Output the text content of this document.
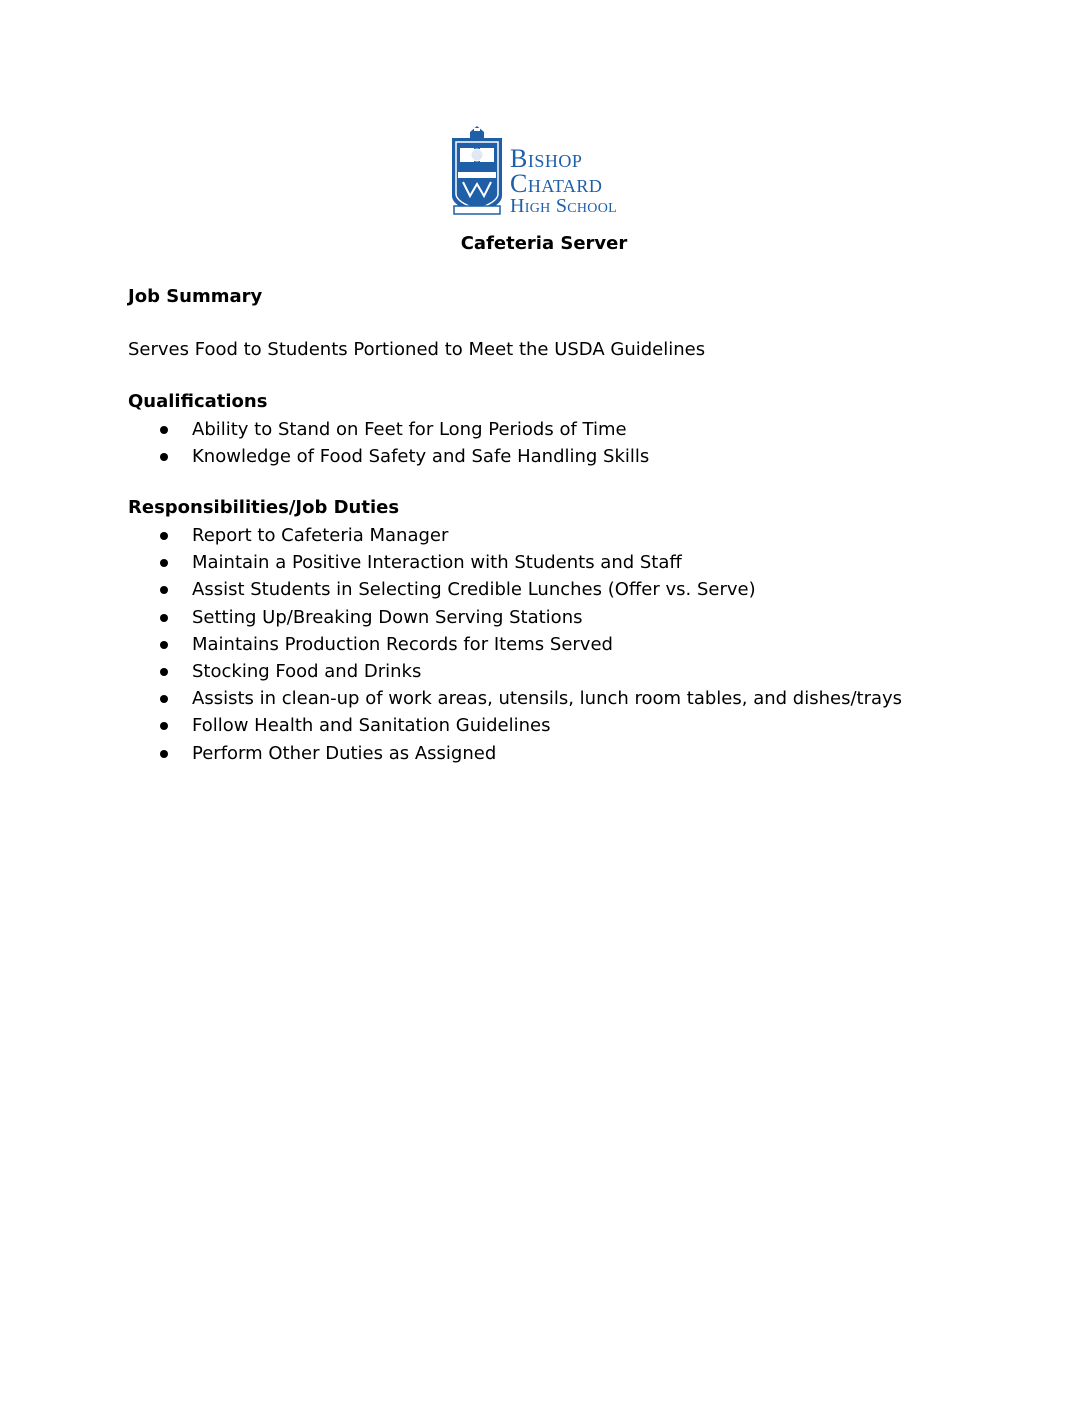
Bishop
Chatard
High School
Cafeteria Server
Job Summary
Serves Food to Students Portioned to Meet the USDA Guidelines
Qualifications
Ability to Stand on Feet for Long Periods of Time
Knowledge of Food Safety and Safe Handling Skills
Responsibilities/Job Duties
Report to Cafeteria Manager
Maintain a Positive Interaction with Students and Staff
Assist Students in Selecting Credible Lunches (Offer vs. Serve)
Setting Up/Breaking Down Serving Stations
Maintains Production Records for Items Served
Stocking Food and Drinks
Assists in clean-up of work areas, utensils, lunch room tables, and dishes/trays
Follow Health and Sanitation Guidelines
Perform Other Duties as Assigned
